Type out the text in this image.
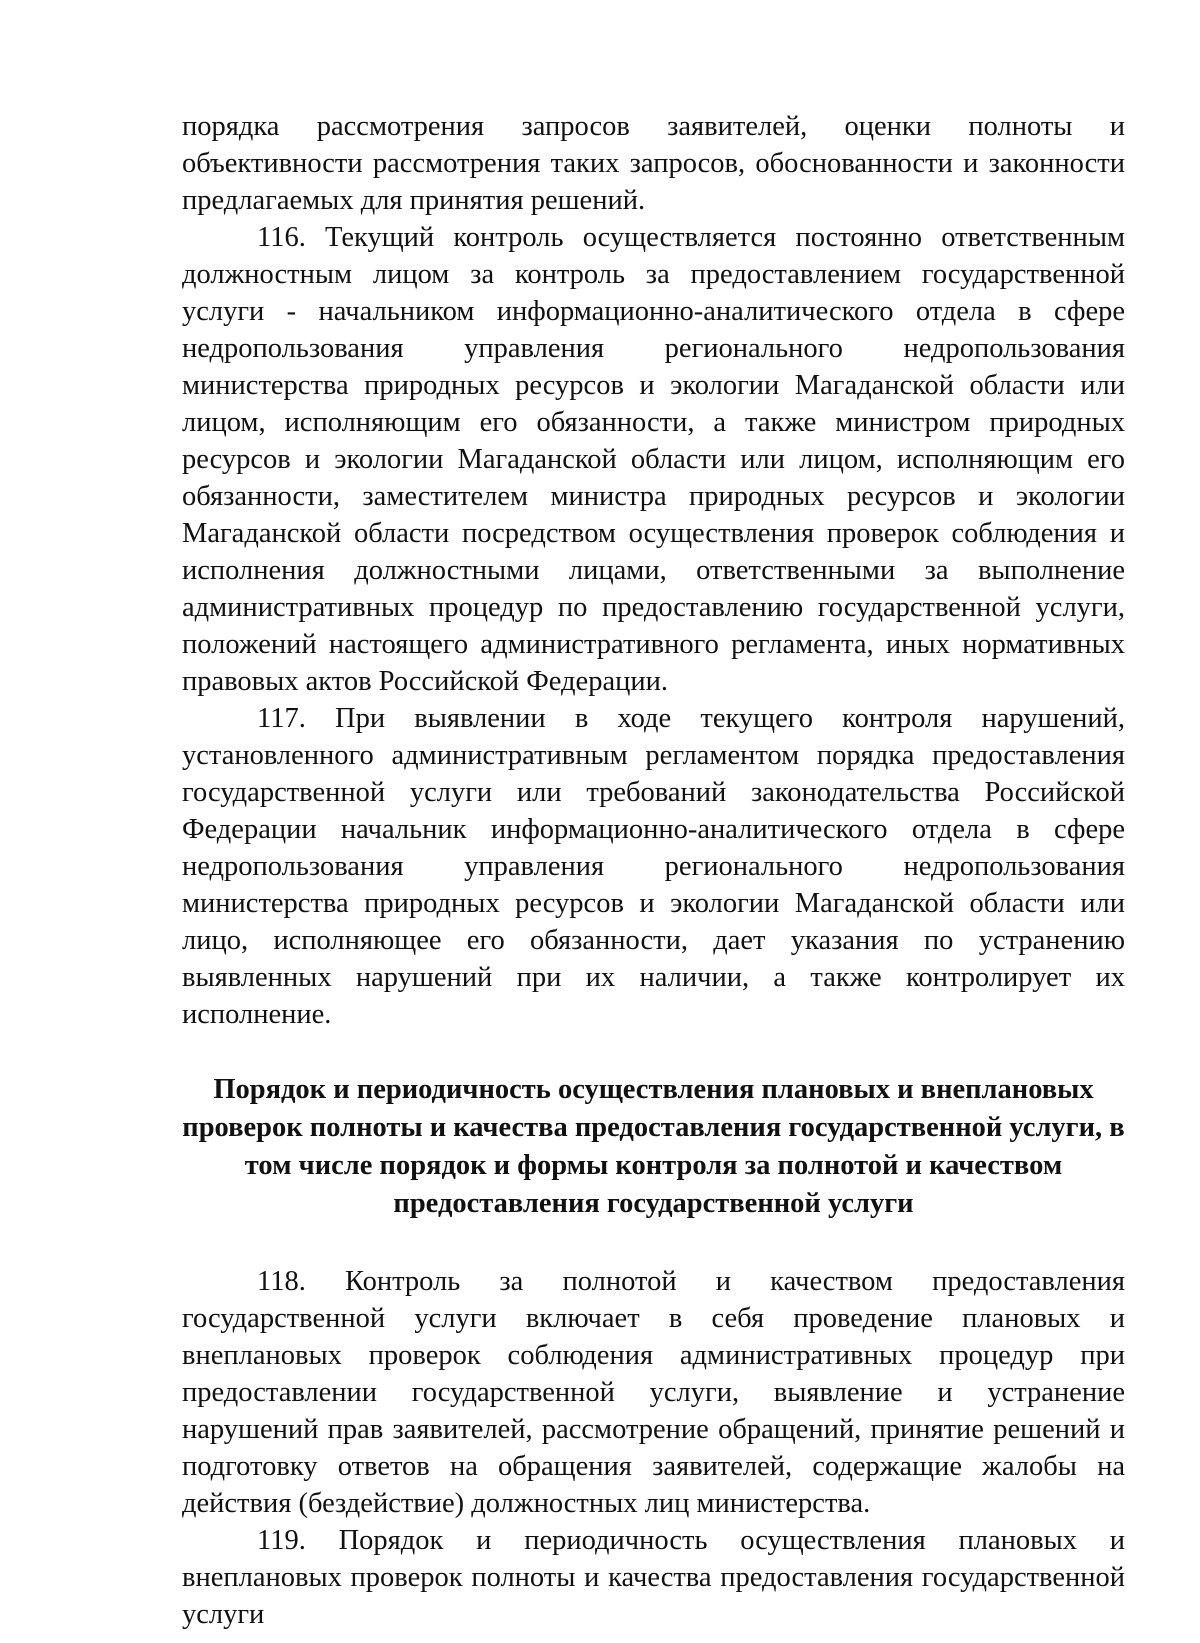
порядка рассмотрения запросов заявителей, оценки полноты и объективности рассмотрения таких запросов, обоснованности и законности предлагаемых для принятия решений.

116. Текущий контроль осуществляется постоянно ответственным должностным лицом за контроль за предоставлением государственной услуги - начальником информационно-аналитического отдела в сфере недропользования управления регионального недропользования министерства природных ресурсов и экологии Магаданской области или лицом, исполняющим его обязанности, а также министром природных ресурсов и экологии Магаданской области или лицом, исполняющим его обязанности, заместителем министра природных ресурсов и экологии Магаданской области посредством осуществления проверок соблюдения и исполнения должностными лицами, ответственными за выполнение административных процедур по предоставлению государственной услуги, положений настоящего административного регламента, иных нормативных правовых актов Российской Федерации.

117. При выявлении в ходе текущего контроля нарушений, установленного административным регламентом порядка предоставления государственной услуги или требований законодательства Российской Федерации начальник информационно-аналитического отдела в сфере недропользования управления регионального недропользования министерства природных ресурсов и экологии Магаданской области или лицо, исполняющее его обязанности, дает указания по устранению выявленных нарушений при их наличии, а также контролирует их исполнение.

Порядок и периодичность осуществления плановых и внеплановых
проверок полноты и качества предоставления государственной услуги, в
том числе порядок и формы контроля за полнотой и качеством
предоставления государственной услуги

118. Контроль за полнотой и качеством предоставления государственной услуги включает в себя проведение плановых и внеплановых проверок соблюдения административных процедур при предоставлении государственной услуги, выявление и устранение нарушений прав заявителей, рассмотрение обращений, принятие решений и подготовку ответов на обращения заявителей, содержащие жалобы на действия (бездействие) должностных лиц министерства.

119. Порядок и периодичность осуществления плановых и внеплановых проверок полноты и качества предоставления государственной услуги
